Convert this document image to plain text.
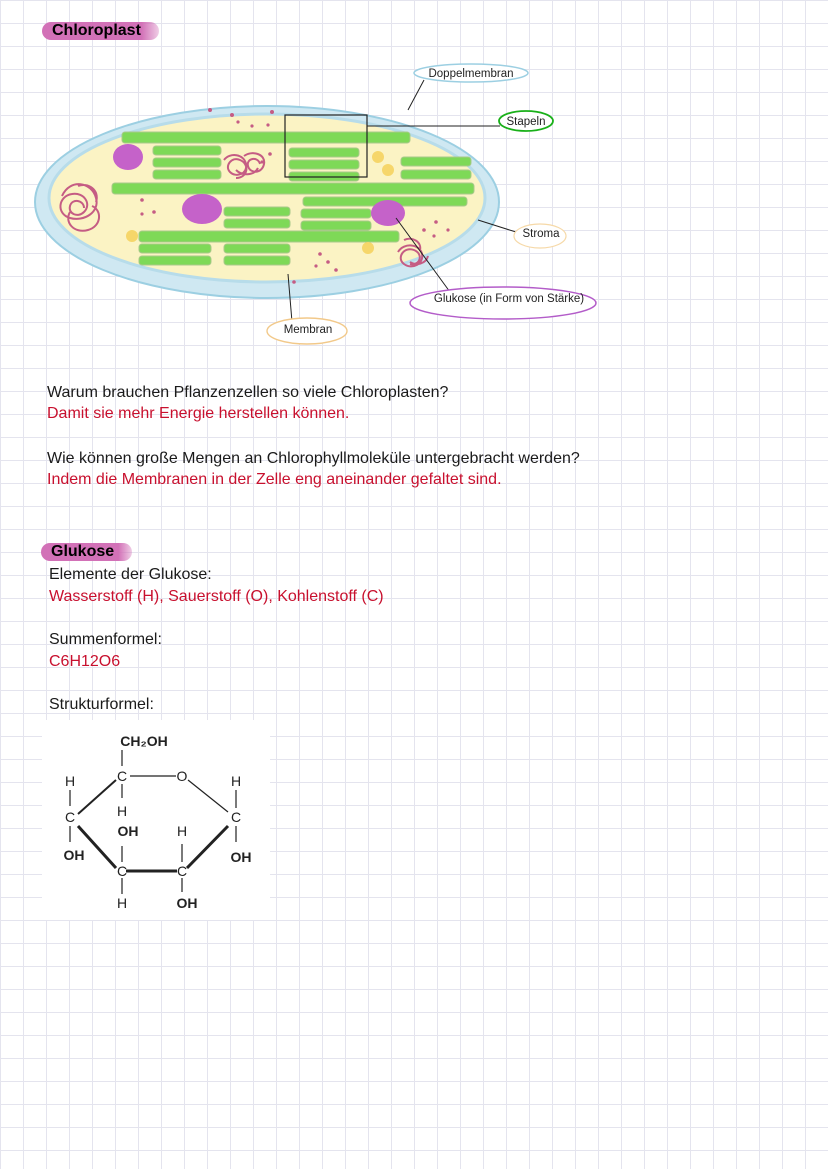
Chloroplast
Doppelmembran
Stapeln
Stroma
Glukose (in Form von Stärke)
Membran
Warum brauchen Pflanzenzellen so viele Chloroplasten?
Damit sie mehr Energie herstellen können.
Wie können große Mengen an Chlorophyllmoleküle untergebracht werden?
Indem die Membranen in der Zelle eng aneinander gefaltet sind.
Glukose
Elemente der Glukose:
Wasserstoff (H), Sauerstoff (O), Kohlenstoff (C)
Summenformel:
C6H12O6
Strukturformel:
CH₂OH
C	O
H
H
C
OH
OH	H
C	C
H	OH
H
C
OH
